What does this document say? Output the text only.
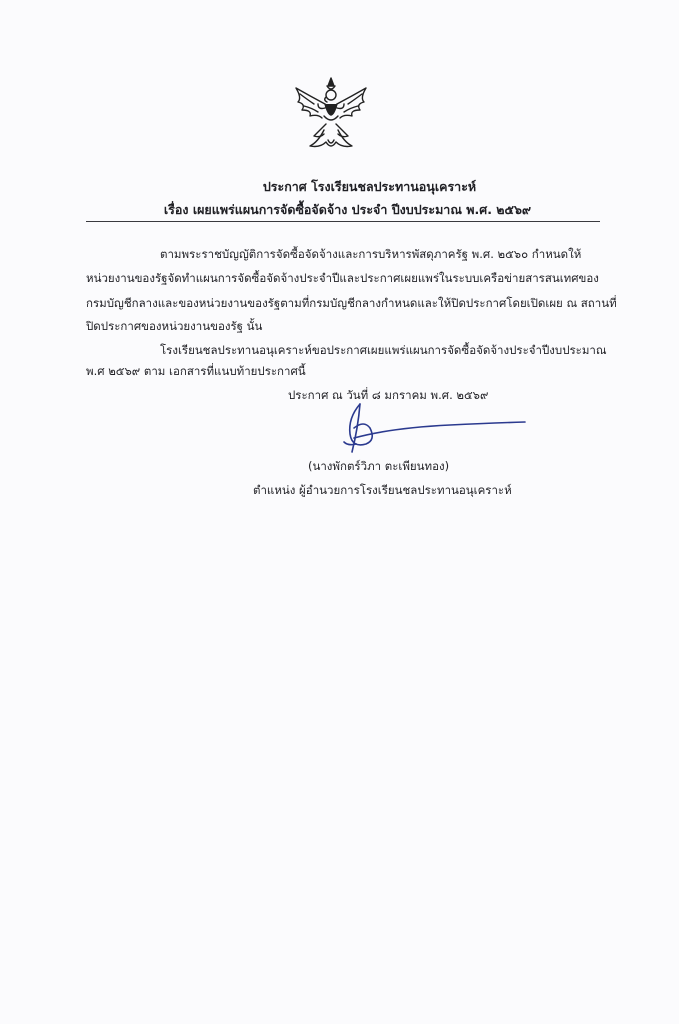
ประกาศ โรงเรียนชลประทานอนุเคราะห์
เรื่อง เผยแพร่แผนการจัดซื้อจัดจ้าง ประจำ ปีงบประมาณ พ.ศ. ๒๕๖๙
ตามพระราชบัญญัติการจัดซื้อจัดจ้างและการบริหารพัสดุภาครัฐ พ.ศ. ๒๕๖๐ กำหนดให้
หน่วยงานของรัฐจัดทำแผนการจัดซื้อจัดจ้างประจำปีและประกาศเผยแพร่ในระบบเครือข่ายสารสนเทศของ
กรมบัญชีกลางและของหน่วยงานของรัฐตามที่กรมบัญชีกลางกำหนดและให้ปิดประกาศโดยเปิดเผย ณ สถานที่
ปิดประกาศของหน่วยงานของรัฐ นั้น
โรงเรียนชลประทานอนุเคราะห์ขอประกาศเผยแพร่แผนการจัดซื้อจัดจ้างประจำปีงบประมาณ
พ.ศ ๒๕๖๙ ตาม เอกสารที่แนบท้ายประกาศนี้
ประกาศ ณ วันที่ ๘ มกราคม พ.ศ. ๒๕๖๙
(นางพักตร์วิภา ตะเพียนทอง)
ตำแหน่ง ผู้อำนวยการโรงเรียนชลประทานอนุเคราะห์
